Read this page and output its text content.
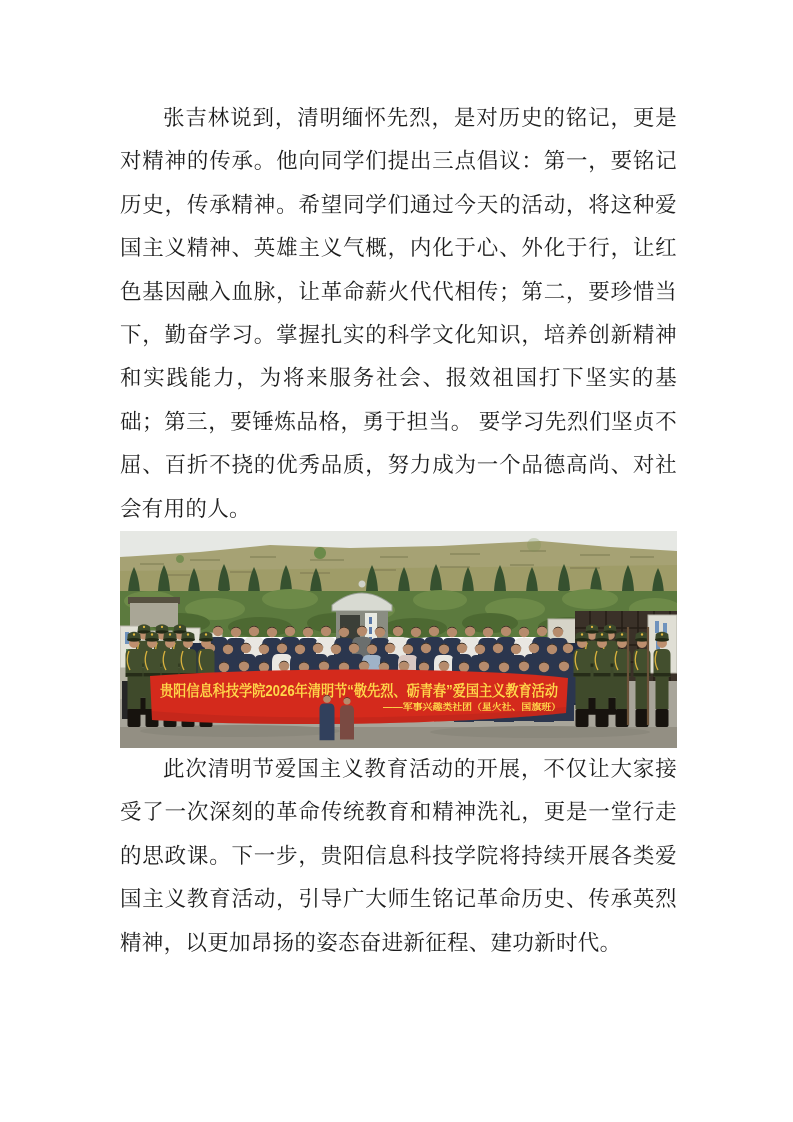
张吉林说到，清明缅怀先烈，是对历史的铭记，更是对精神的传承。他向同学们提出三点倡议：第一，要铭记历史，传承精神。希望同学们通过今天的活动，将这种爱国主义精神、英雄主义气概，内化于心、外化于行，让红色基因融入血脉，让革命薪火代代相传；第二，要珍惜当下，勤奋学习。掌握扎实的科学文化知识，培养创新精神和实践能力，为将来服务社会、报效祖国打下坚实的基础；第三，要锤炼品格，勇于担当。 要学习先烈们坚贞不屈、百折不挠的优秀品质，努力成为一个品德高尚、对社会有用的人。

贵阳信息科技学院2026年清明节“敬先烈、砺青春”爱国主义教育活动
——军事兴趣类社团（星火社、国旗班）

此次清明节爱国主义教育活动的开展，不仅让大家接受了一次深刻的革命传统教育和精神洗礼，更是一堂行走的思政课。下一步，贵阳信息科技学院将持续开展各类爱国主义教育活动，引导广大师生铭记革命历史、传承英烈精神，以更加昂扬的姿态奋进新征程、建功新时代。
